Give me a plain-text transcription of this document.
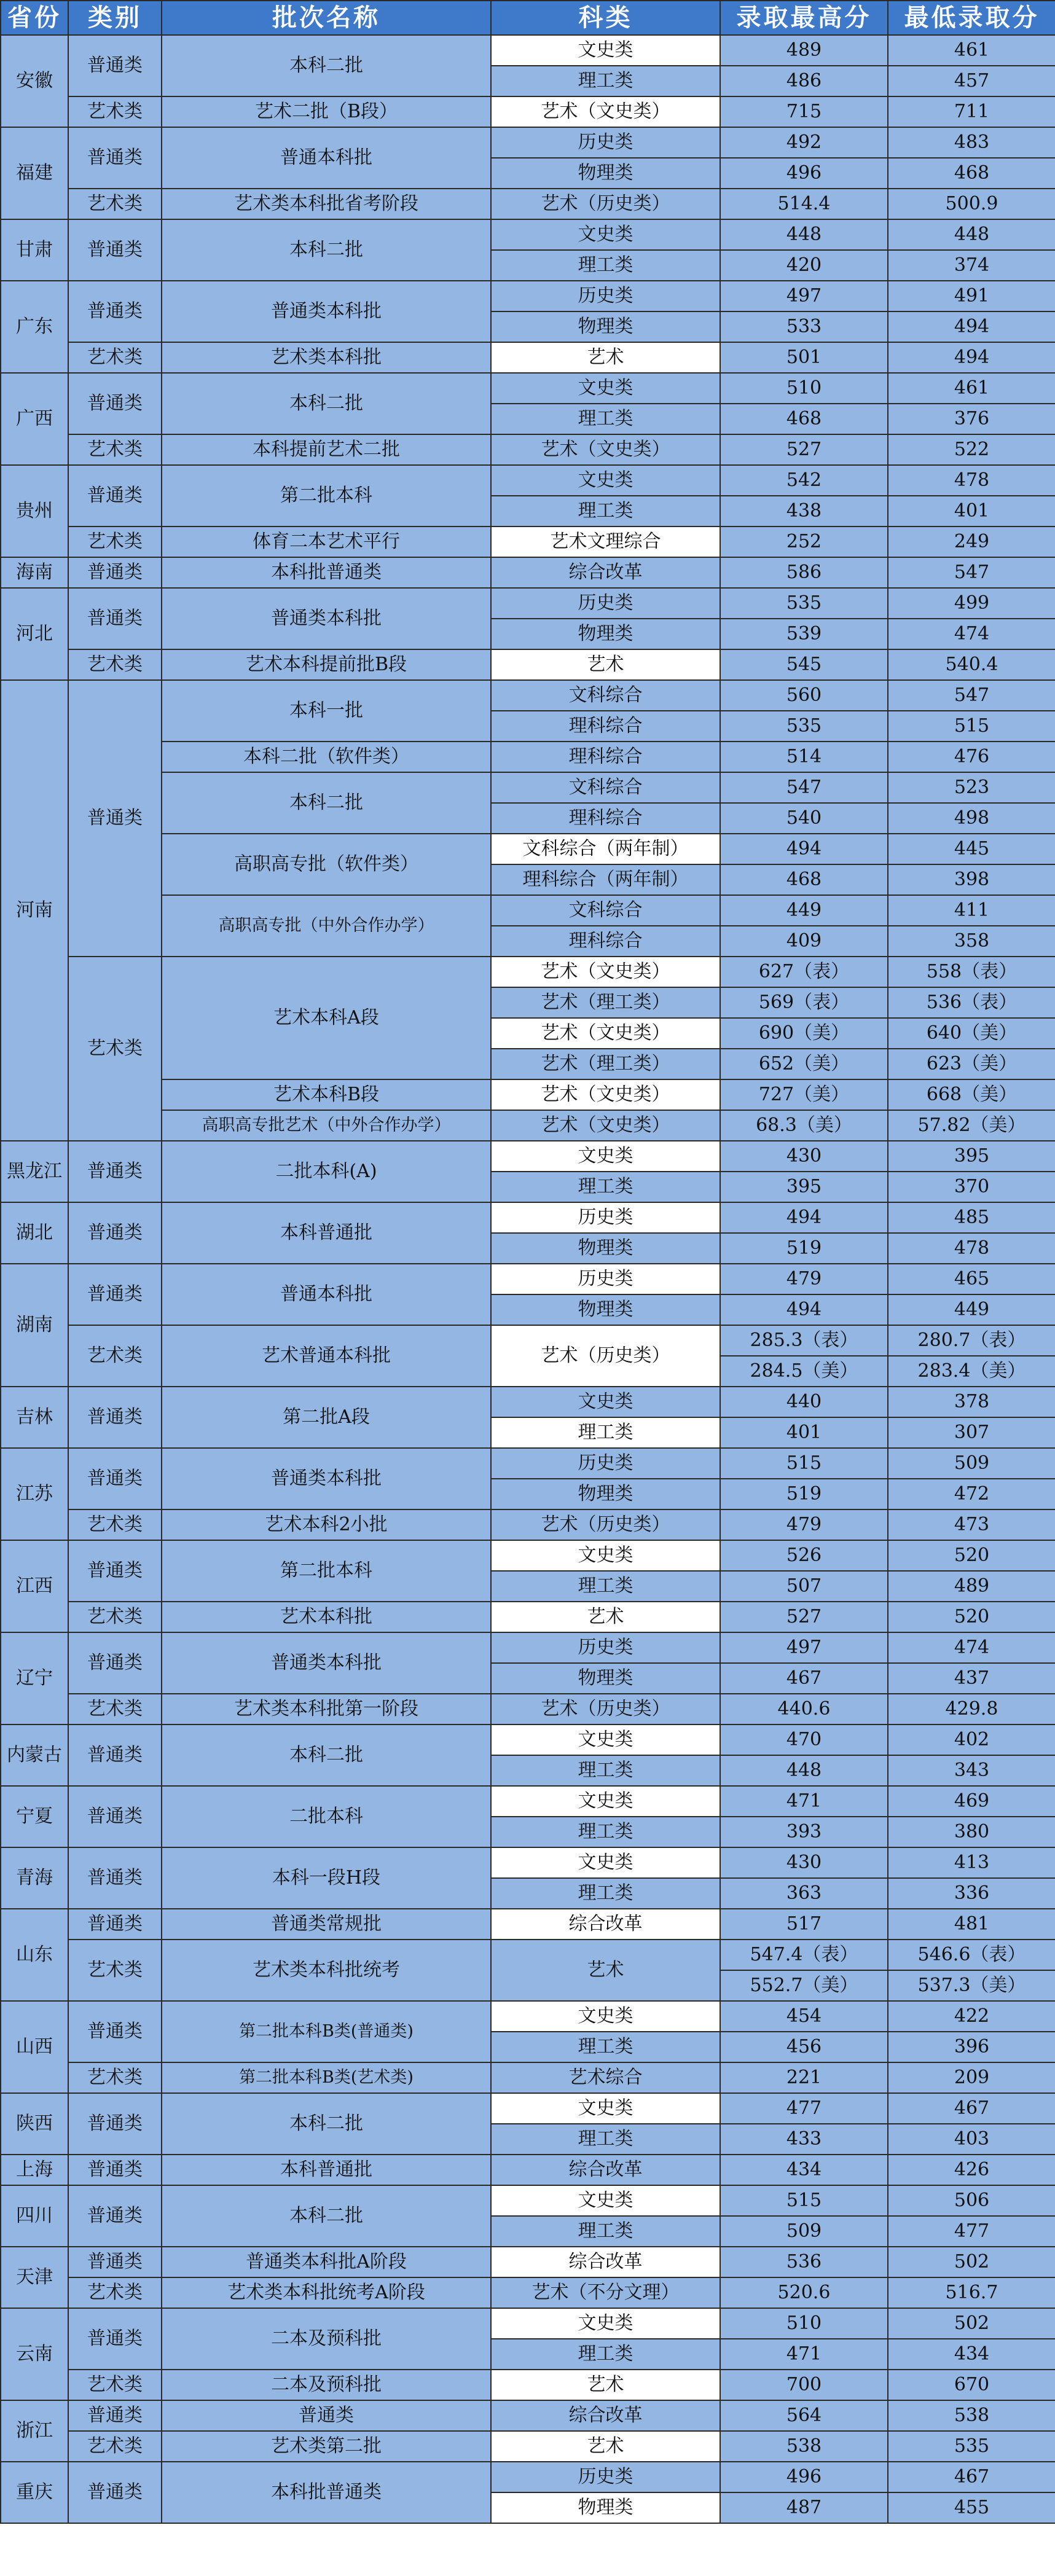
省份	类别	批次名称	科类	录取最高分	最低录取分
安徽	普通类	本科二批	文史类	489	461
			理工类	486	457
	艺术类	艺术二批（B段）	艺术（文史类）	715	711
福建	普通类	普通本科批	历史类	492	483
			物理类	496	468
	艺术类	艺术类本科批省考阶段	艺术（历史类）	514.4	500.9
甘肃	普通类	本科二批	文史类	448	448
			理工类	420	374
广东	普通类	普通类本科批	历史类	497	491
			物理类	533	494
	艺术类	艺术类本科批	艺术	501	494
广西	普通类	本科二批	文史类	510	461
			理工类	468	376
	艺术类	本科提前艺术二批	艺术（文史类）	527	522
贵州	普通类	第二批本科	文史类	542	478
			理工类	438	401
	艺术类	体育二本艺术平行	艺术文理综合	252	249
海南	普通类	本科批普通类	综合改革	586	547
河北	普通类	普通类本科批	历史类	535	499
			物理类	539	474
	艺术类	艺术本科提前批B段	艺术	545	540.4
河南	普通类	本科一批	文科综合	560	547
			理科综合	535	515
		本科二批（软件类）	理科综合	514	476
		本科二批	文科综合	547	523
			理科综合	540	498
		高职高专批（软件类）	文科综合（两年制）	494	445
			理科综合（两年制）	468	398
		高职高专批（中外合作办学）	文科综合	449	411
			理科综合	409	358
	艺术类	艺术本科A段	艺术（文史类）	627（表）	558（表）
			艺术（理工类）	569（表）	536（表）
			艺术（文史类）	690（美）	640（美）
			艺术（理工类）	652（美）	623（美）
		艺术本科B段	艺术（文史类）	727（美）	668（美）
		高职高专批艺术（中外合作办学）	艺术（文史类）	68.3（美）	57.82（美）
黑龙江	普通类	二批本科(A)	文史类	430	395
			理工类	395	370
湖北	普通类	本科普通批	历史类	494	485
			物理类	519	478
湖南	普通类	普通本科批	历史类	479	465
			物理类	494	449
	艺术类	艺术普通本科批	艺术（历史类）	285.3（表）	280.7（表）
				284.5（美）	283.4（美）
吉林	普通类	第二批A段	文史类	440	378
			理工类	401	307
江苏	普通类	普通类本科批	历史类	515	509
			物理类	519	472
	艺术类	艺术本科2小批	艺术（历史类）	479	473
江西	普通类	第二批本科	文史类	526	520
			理工类	507	489
	艺术类	艺术本科批	艺术	527	520
辽宁	普通类	普通类本科批	历史类	497	474
			物理类	467	437
	艺术类	艺术类本科批第一阶段	艺术（历史类）	440.6	429.8
内蒙古	普通类	本科二批	文史类	470	402
			理工类	448	343
宁夏	普通类	二批本科	文史类	471	469
			理工类	393	380
青海	普通类	本科一段H段	文史类	430	413
			理工类	363	336
山东	普通类	普通类常规批	综合改革	517	481
	艺术类	艺术类本科批统考	艺术	547.4（表）	546.6（表）
				552.7（美）	537.3（美）
山西	普通类	第二批本科B类(普通类)	文史类	454	422
			理工类	456	396
	艺术类	第二批本科B类(艺术类)	艺术综合	221	209
陕西	普通类	本科二批	文史类	477	467
			理工类	433	403
上海	普通类	本科普通批	综合改革	434	426
四川	普通类	本科二批	文史类	515	506
			理工类	509	477
天津	普通类	普通类本科批A阶段	综合改革	536	502
	艺术类	艺术类本科批统考A阶段	艺术（不分文理）	520.6	516.7
云南	普通类	二本及预科批	文史类	510	502
			理工类	471	434
	艺术类	二本及预科批	艺术	700	670
浙江	普通类	普通类	综合改革	564	538
	艺术类	艺术类第二批	艺术	538	535
重庆	普通类	本科批普通类	历史类	496	467
			物理类	487	455
